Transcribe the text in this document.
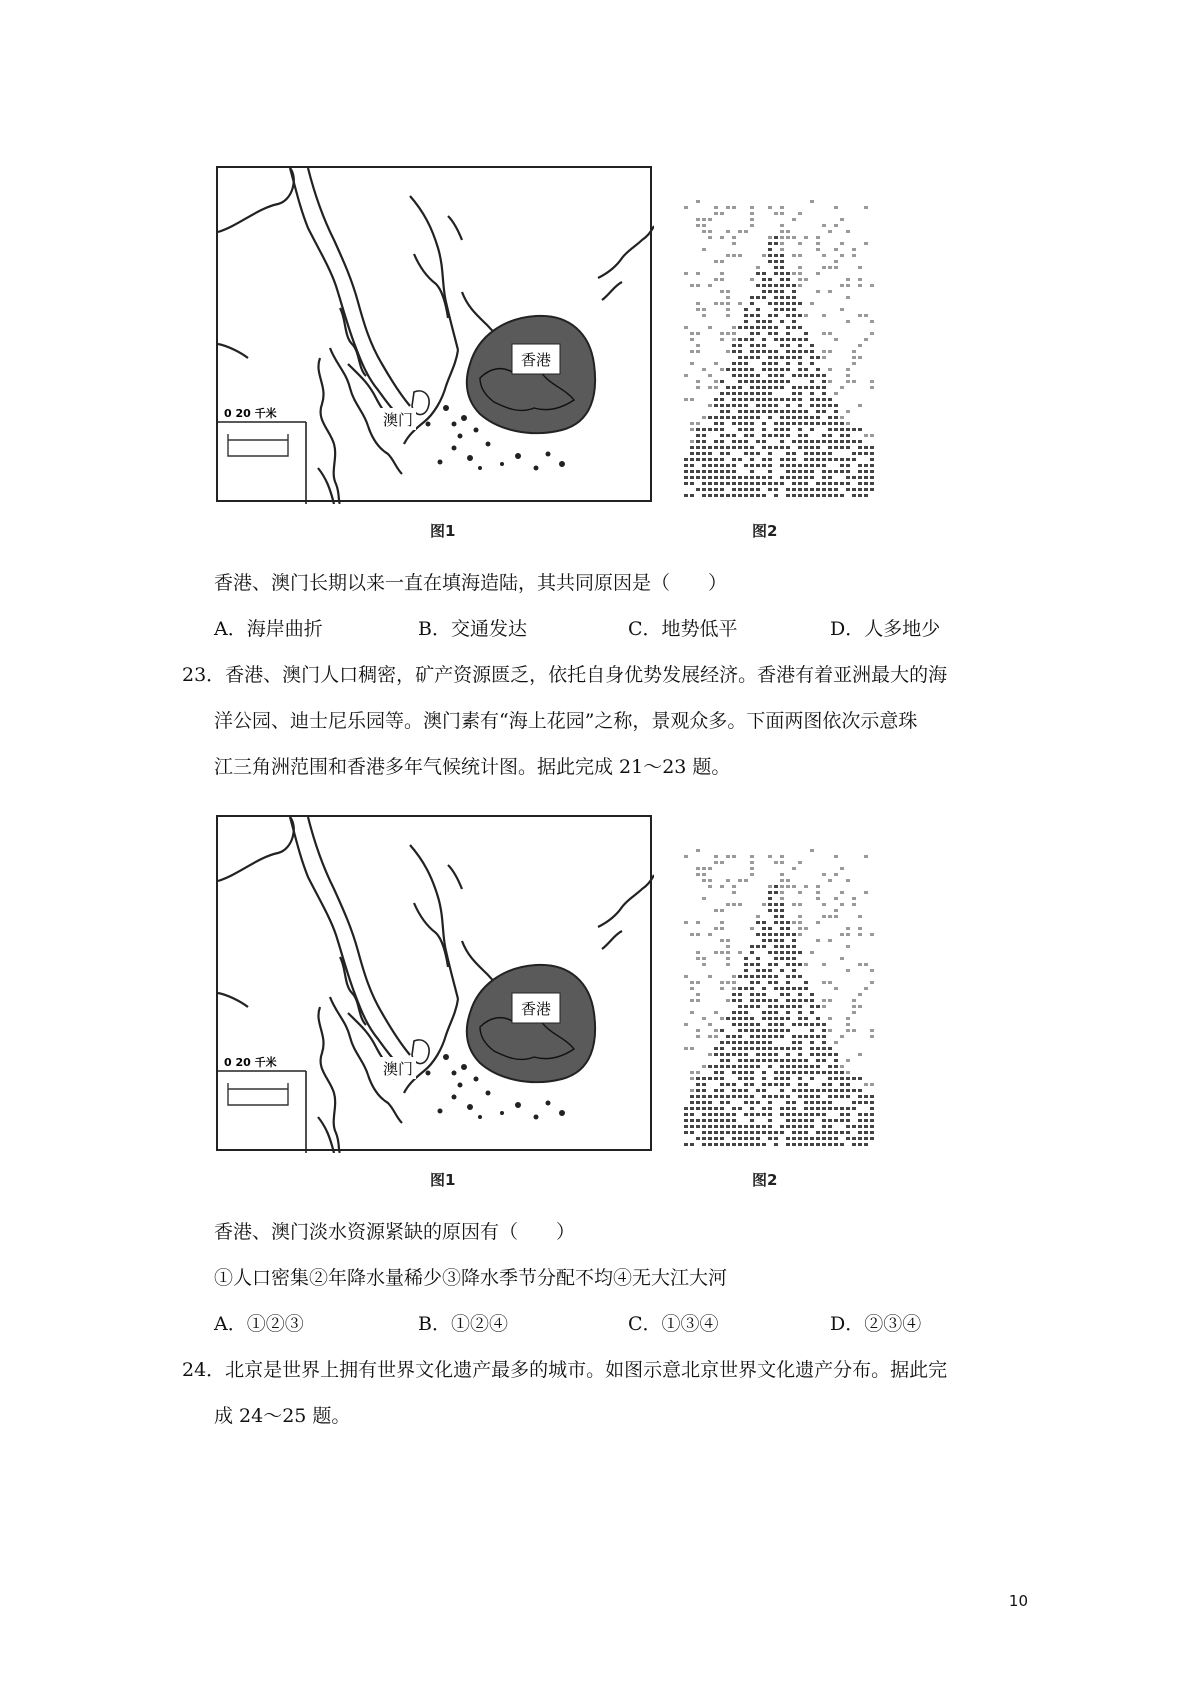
香港
澳门
0 20 千米
图1	图2
香港、澳门长期以来一直在填海造陆，其共同原因是（　　）
A．海岸曲折	B．交通发达	C．地势低平	D．人多地少
23．香港、澳门人口稠密，矿产资源匮乏，依托自身优势发展经济。香港有着亚洲最大的海
洋公园、迪士尼乐园等。澳门素有“海上花园”之称，景观众多。下面两图依次示意珠
江三角洲范围和香港多年气候统计图。据此完成 21～23 题。
香港
澳门
0 20 千米
图1	图2
香港、澳门淡水资源紧缺的原因有（　　）
①人口密集②年降水量稀少③降水季节分配不均④无大江大河
A．①②③	B．①②④	C．①③④	D．②③④
24．北京是世界上拥有世界文化遗产最多的城市。如图示意北京世界文化遗产分布。据此完
成 24～25 题。
10
